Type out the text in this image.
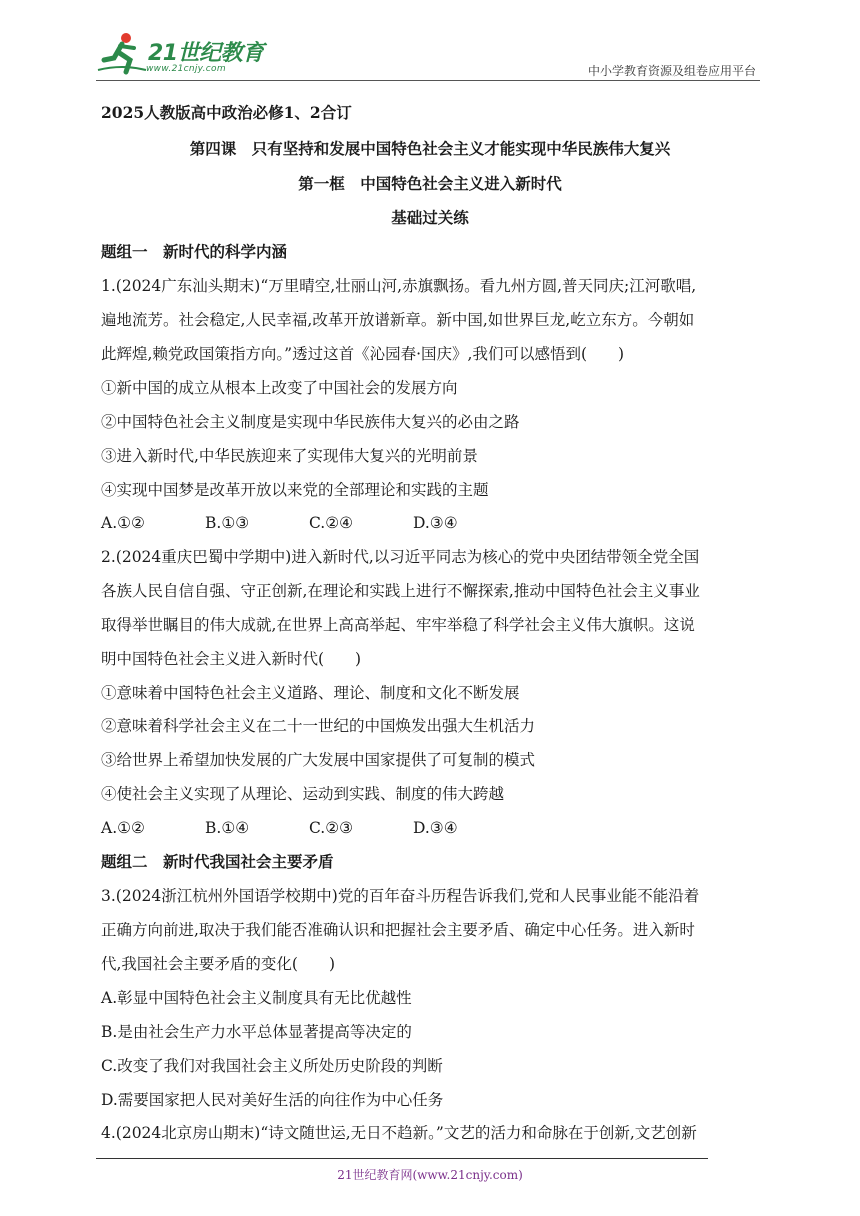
21世纪教育
www.21cnjy.com	中小学教育资源及组卷应用平台
2025人教版高中政治必修1、2合订
第四课　只有坚持和发展中国特色社会主义才能实现中华民族伟大复兴
第一框　中国特色社会主义进入新时代
基础过关练
题组一　新时代的科学内涵
1.(2024广东汕头期末)“万里晴空,壮丽山河,赤旗飘扬。看九州方圆,普天同庆;江河歌唱,
遍地流芳。社会稳定,人民幸福,改革开放谱新章。新中国,如世界巨龙,屹立东方。今朝如
此辉煌,赖党政国策指方向。”透过这首《沁园春·国庆》,我们可以感悟到(　　)
①新中国的成立从根本上改变了中国社会的发展方向
②中国特色社会主义制度是实现中华民族伟大复兴的必由之路
③进入新时代,中华民族迎来了实现伟大复兴的光明前景
④实现中国梦是改革开放以来党的全部理论和实践的主题
A.①②	B.①③	C.②④	D.③④
2.(2024重庆巴蜀中学期中)进入新时代,以习近平同志为核心的党中央团结带领全党全国
各族人民自信自强、守正创新,在理论和实践上进行不懈探索,推动中国特色社会主义事业
取得举世瞩目的伟大成就,在世界上高高举起、牢牢举稳了科学社会主义伟大旗帜。这说
明中国特色社会主义进入新时代(　　)
①意味着中国特色社会主义道路、理论、制度和文化不断发展
②意味着科学社会主义在二十一世纪的中国焕发出强大生机活力
③给世界上希望加快发展的广大发展中国家提供了可复制的模式
④使社会主义实现了从理论、运动到实践、制度的伟大跨越
A.①②	B.①④	C.②③	D.③④
题组二　新时代我国社会主要矛盾
3.(2024浙江杭州外国语学校期中)党的百年奋斗历程告诉我们,党和人民事业能不能沿着
正确方向前进,取决于我们能否准确认识和把握社会主要矛盾、确定中心任务。进入新时
代,我国社会主要矛盾的变化(　　)
A.彰显中国特色社会主义制度具有无比优越性
B.是由社会生产力水平总体显著提高等决定的
C.改变了我们对我国社会主义所处历史阶段的判断
D.需要国家把人民对美好生活的向往作为中心任务
4.(2024北京房山期末)“诗文随世运,无日不趋新。”文艺的活力和命脉在于创新,文艺创新
21世纪教育网(www.21cnjy.com)
